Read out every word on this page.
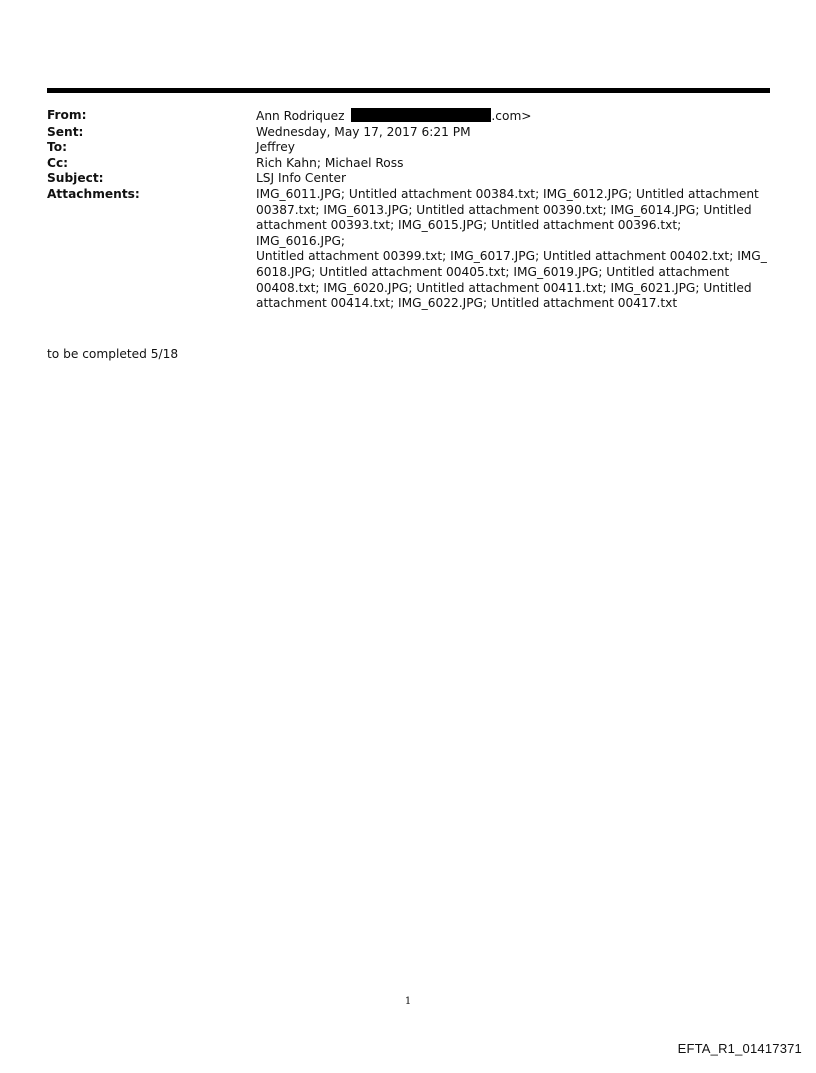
From:	Ann Rodriquez	.com>
Sent:	Wednesday, May 17, 2017 6:21 PM
To:	Jeffrey
Cc:	Rich Kahn; Michael Ross
Subject:	LSJ Info Center
Attachments:	IMG_6011.JPG; Untitled attachment 00384.txt; IMG_6012.JPG; Untitled attachment
00387.txt; IMG_6013.JPG; Untitled attachment 00390.txt; IMG_6014.JPG; Untitled
attachment 00393.txt; IMG_6015.JPG; Untitled attachment 00396.txt; IMG_6016.JPG;
Untitled attachment 00399.txt; IMG_6017.JPG; Untitled attachment 00402.txt; IMG_
6018.JPG; Untitled attachment 00405.txt; IMG_6019.JPG; Untitled attachment
00408.txt; IMG_6020.JPG; Untitled attachment 00411.txt; IMG_6021.JPG; Untitled
attachment 00414.txt; IMG_6022.JPG; Untitled attachment 00417.txt
to be completed 5/18
1
EFTA_R1_01417371
